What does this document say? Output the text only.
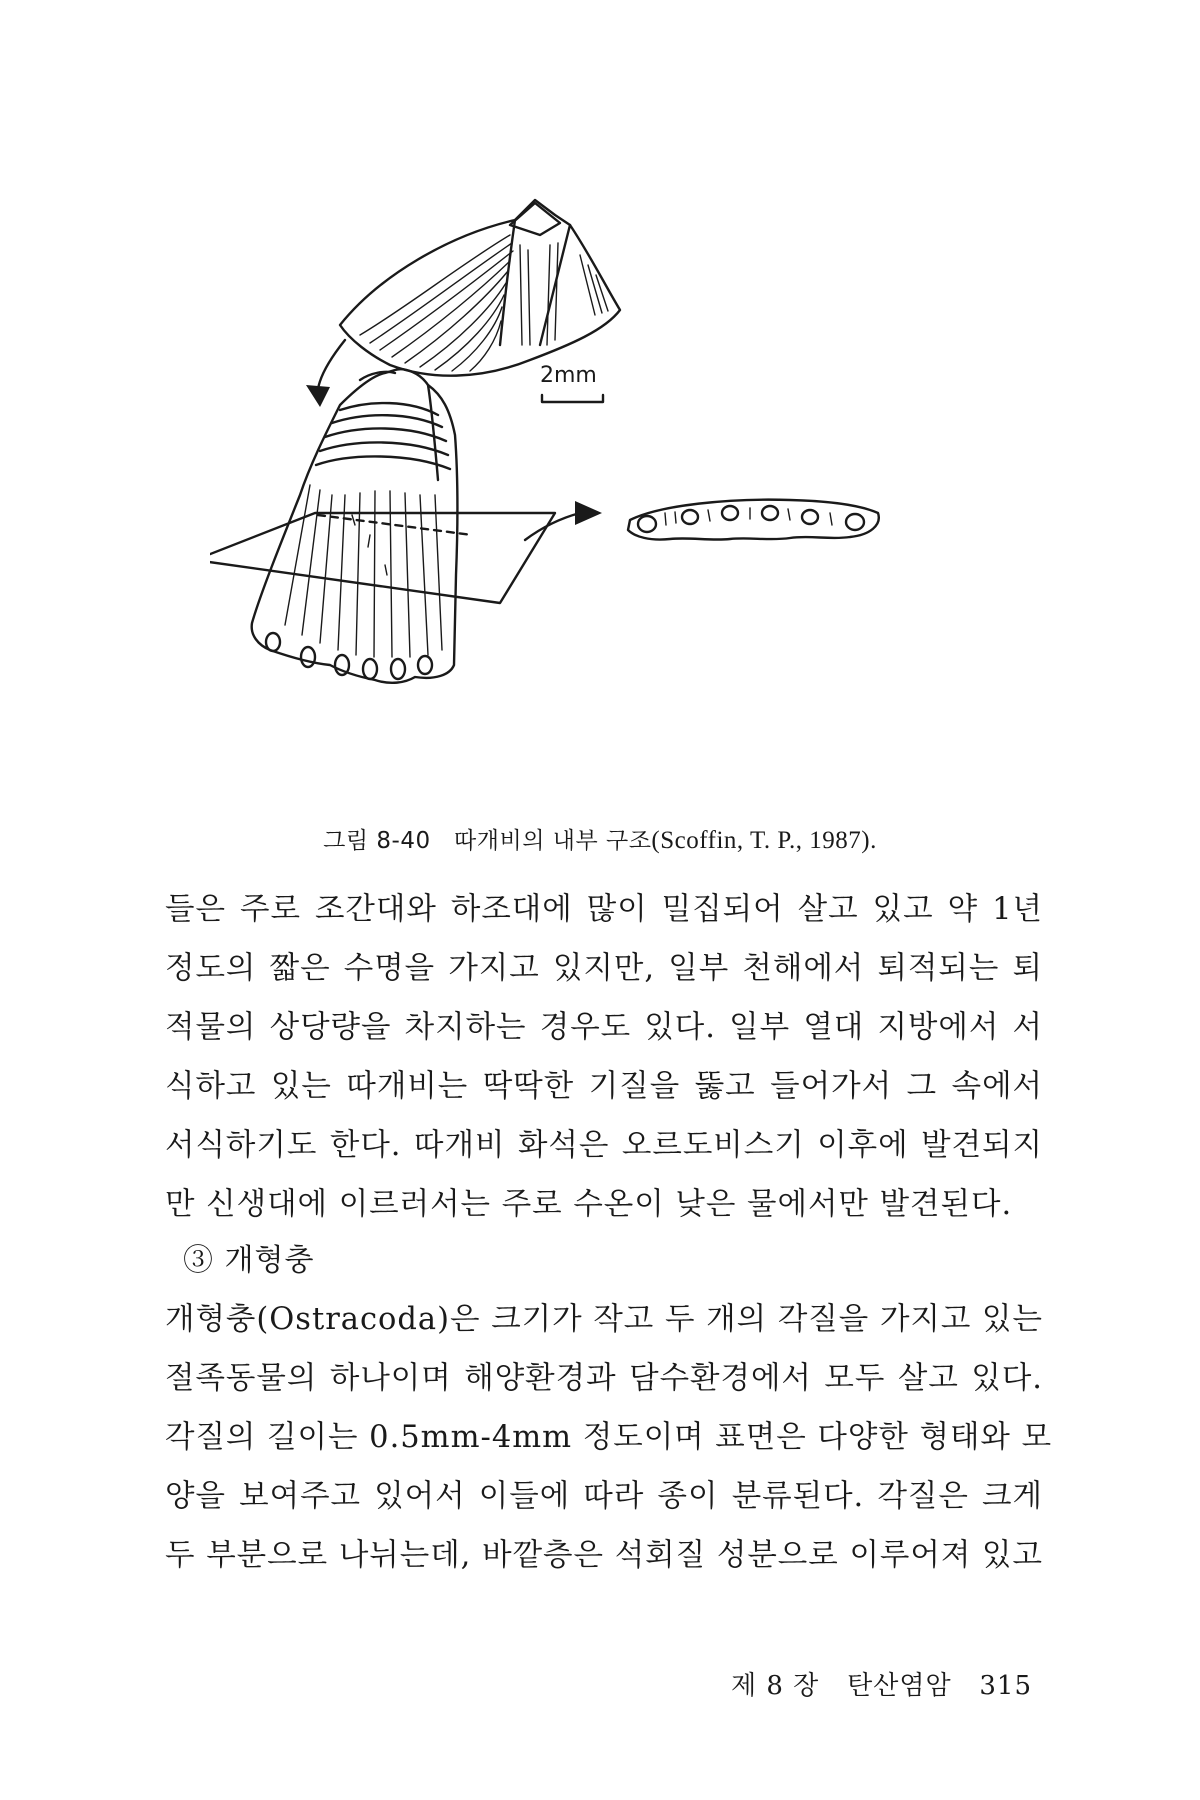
2mm
그림 8-40 따개비의 내부 구조(Scoffin, T. P., 1987).
들은 주로 조간대와 하조대에 많이 밀집되어 살고 있고 약 1년
정도의 짧은 수명을 가지고 있지만, 일부 천해에서 퇴적되는 퇴
적물의 상당량을 차지하는 경우도 있다. 일부 열대 지방에서 서
식하고 있는 따개비는 딱딱한 기질을 뚫고 들어가서 그 속에서
서식하기도 한다. 따개비 화석은 오르도비스기 이후에 발견되지
만 신생대에 이르러서는 주로 수온이 낮은 물에서만 발견된다.
③ 개형충
개형충(Ostracoda)은 크기가 작고 두 개의 각질을 가지고 있는
절족동물의 하나이며 해양환경과 담수환경에서 모두 살고 있다.
각질의 길이는 0.5mm-4mm 정도이며 표면은 다양한 형태와 모
양을 보여주고 있어서 이들에 따라 종이 분류된다. 각질은 크게
두 부분으로 나뉘는데, 바깥층은 석회질 성분으로 이루어져 있고
제 8 장 탄산염암 315
